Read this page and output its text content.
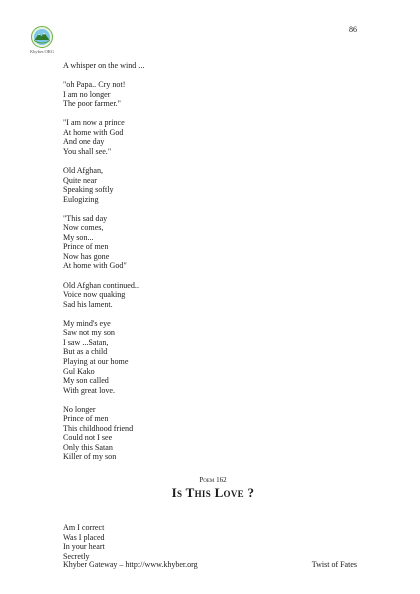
86
Khyber.ORG
A whisper on the wind ...
"oh Papa.. Cry not!
I am no longer
The poor farmer."
"I am now a prince
At home with God
And one day
You shall see."
Old Afghan,
Quite near
Speaking softly
Eulogizing
"This sad day
Now comes,
My son...
Prince of men
Now has gone
At home with God"
Old Afghan continued..
Voice now quaking
Sad his lament.
My mind's eye
Saw not my son
I saw ...Satan,
But as a child
Playing at our home
Gul Kako
My son called
With great love.
No longer
Prince of men
This childhood friend
Could not I see
Only this Satan
Killer of my son
Poem 162
Is This Love ?
Am I correct
Was I placed
In your heart
Secretly
Khyber Gateway – http://www.khyber.org	Twist of Fates
